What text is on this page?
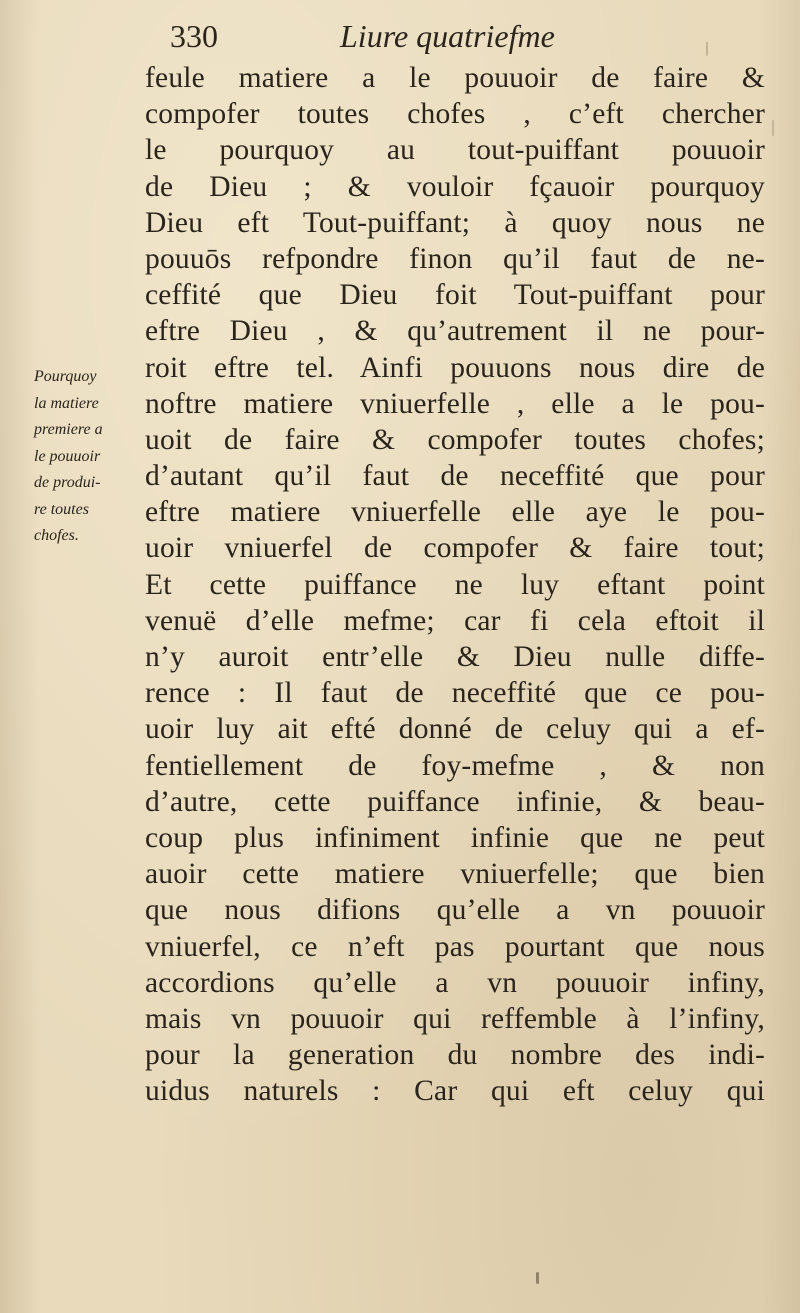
330	Liure quatriefme
Pourquoy
la matiere
premiere a
le pouuoir
de produi-
re toutes
chofes.
feule matiere a le pouuoir de faire &
compofer toutes chofes , c’eft chercher
le pourquoy au tout-puiffant pouuoir
de Dieu ; & vouloir fçauoir pourquoy
Dieu eft Tout-puiffant; à quoy nous ne
pouuōs refpondre finon qu’il faut de ne-
ceffité que Dieu foit Tout-puiffant pour
eftre Dieu , & qu’autrement il ne pour-
roit eftre tel. Ainfi pouuons nous dire de
noftre matiere vniuerfelle , elle a le pou-
uoit de faire & compofer toutes chofes;
d’autant qu’il faut de neceffité que pour
eftre matiere vniuerfelle elle aye le pou-
uoir vniuerfel de compofer & faire tout;
Et cette puiffance ne luy eftant point
venuë d’elle mefme; car fi cela eftoit il
n’y auroit entr’elle & Dieu nulle diffe-
rence : Il faut de neceffité que ce pou-
uoir luy ait efté donné de celuy qui a ef-
fentiellement de foy-mefme , & non
d’autre, cette puiffance infinie, & beau-
coup plus infiniment infinie que ne peut
auoir cette matiere vniuerfelle; que bien
que nous difions qu’elle a vn pouuoir
vniuerfel, ce n’eft pas pourtant que nous
accordions qu’elle a vn pouuoir infiny,
mais vn pouuoir qui reffemble à l’infiny,
pour la generation du nombre des indi-
uidus naturels : Car qui eft celuy qui
